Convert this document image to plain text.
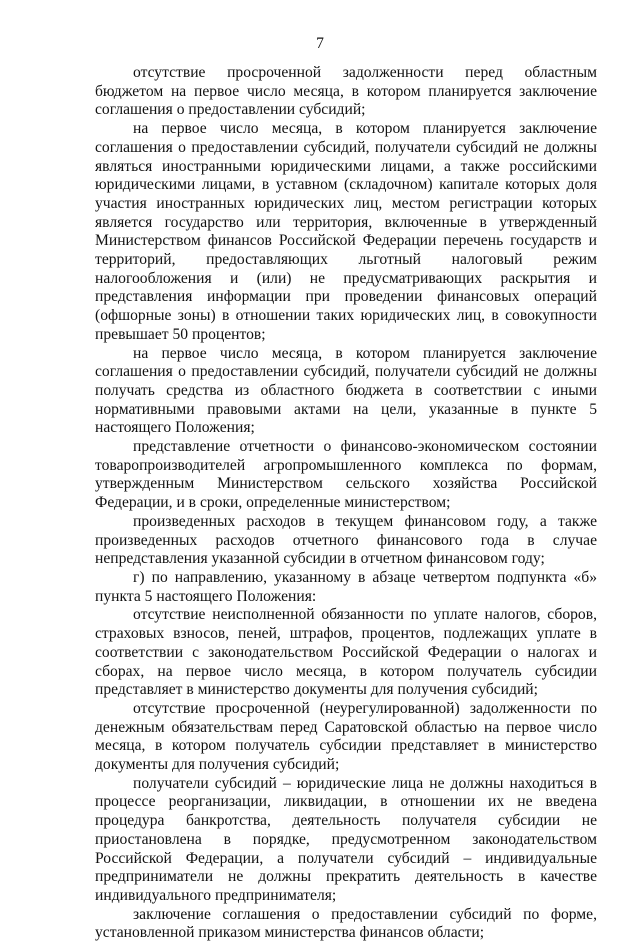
7

отсутствие просроченной задолженности перед областным бюджетом на первое число месяца, в котором планируется заключение соглашения о предоставлении субсидий;

на первое число месяца, в котором планируется заключение соглашения о предоставлении субсидий, получатели субсидий не должны являться иностранными юридическими лицами, а также российскими юридическими лицами, в уставном (складочном) капитале которых доля участия иностранных юридических лиц, местом регистрации которых является государство или территория, включенные в утвержденный Министерством финансов Российской Федерации перечень государств и территорий, предоставляющих льготный налоговый режим налогообложения и (или) не предусматривающих раскрытия и представления информации при проведении финансовых операций (офшорные зоны) в отношении таких юридических лиц, в совокупности превышает 50 процентов;

на первое число месяца, в котором планируется заключение соглашения о предоставлении субсидий, получатели субсидий не должны получать средства из областного бюджета в соответствии с иными нормативными правовыми актами на цели, указанные в пункте 5 настоящего Положения;

представление отчетности о финансово-экономическом состоянии товаропроизводителей агропромышленного комплекса по формам, утвержденным Министерством сельского хозяйства Российской Федерации, и в сроки, определенные министерством;

произведенных расходов в текущем финансовом году, а также произведенных расходов отчетного финансового года в случае непредставления указанной субсидии в отчетном финансовом году;

г) по направлению, указанному в абзаце четвертом подпункта «б» пункта 5 настоящего Положения:

отсутствие неисполненной обязанности по уплате налогов, сборов, страховых взносов, пеней, штрафов, процентов, подлежащих уплате в соответствии с законодательством Российской Федерации о налогах и сборах, на первое число месяца, в котором получатель субсидии представляет в министерство документы для получения субсидий;

отсутствие просроченной (неурегулированной) задолженности по денежным обязательствам перед Саратовской областью на первое число месяца, в котором получатель субсидии представляет в министерство документы для получения субсидий;

получатели субсидий – юридические лица не должны находиться в процессе реорганизации, ликвидации, в отношении их не введена процедура банкротства, деятельность получателя субсидии не приостановлена в порядке, предусмотренном законодательством Российской Федерации, а получатели субсидий – индивидуальные предприниматели не должны прекратить деятельность в качестве индивидуального предпринимателя;

заключение соглашения о предоставлении субсидий по форме, установленной приказом министерства финансов области;
